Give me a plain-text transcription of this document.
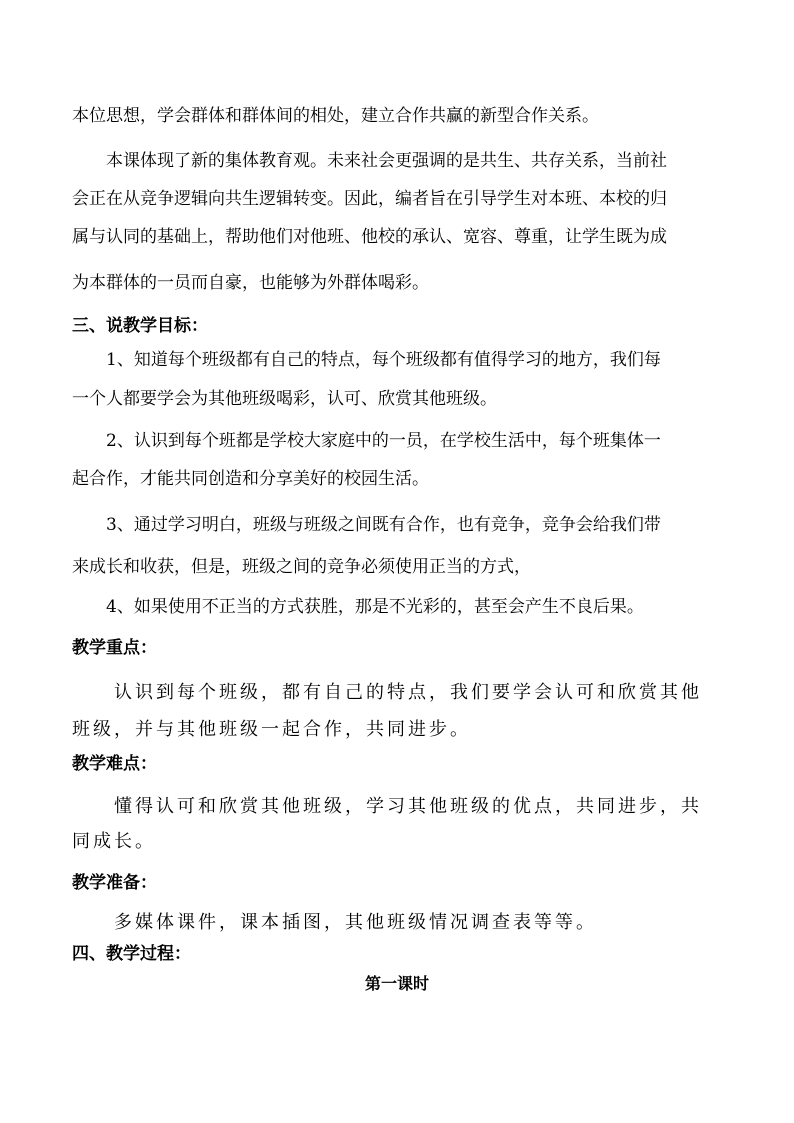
本位思想，学会群体和群体间的相处，建立合作共赢的新型合作关系。
本课体现了新的集体教育观。未来社会更强调的是共生、共存关系，当前社
会正在从竞争逻辑向共生逻辑转变。因此，编者旨在引导学生对本班、本校的归
属与认同的基础上，帮助他们对他班、他校的承认、宽容、尊重，让学生既为成
为本群体的一员而自豪，也能够为外群体喝彩。
三、说教学目标：
1、知道每个班级都有自己的特点，每个班级都有值得学习的地方，我们每
一个人都要学会为其他班级喝彩，认可、欣赏其他班级。
2、认识到每个班都是学校大家庭中的一员，在学校生活中，每个班集体一
起合作，才能共同创造和分享美好的校园生活。
3、通过学习明白，班级与班级之间既有合作，也有竞争，竞争会给我们带
来成长和收获，但是，班级之间的竞争必须使用正当的方式，
4、如果使用不正当的方式获胜，那是不光彩的，甚至会产生不良后果。
教学重点：
认识到每个班级，都有自己的特点，我们要学会认可和欣赏其他
班级，并与其他班级一起合作，共同进步。
教学难点：
懂得认可和欣赏其他班级，学习其他班级的优点，共同进步，共
同成长。
教学准备：
多媒体课件，课本插图，其他班级情况调查表等等。
四、教学过程：
第一课时
